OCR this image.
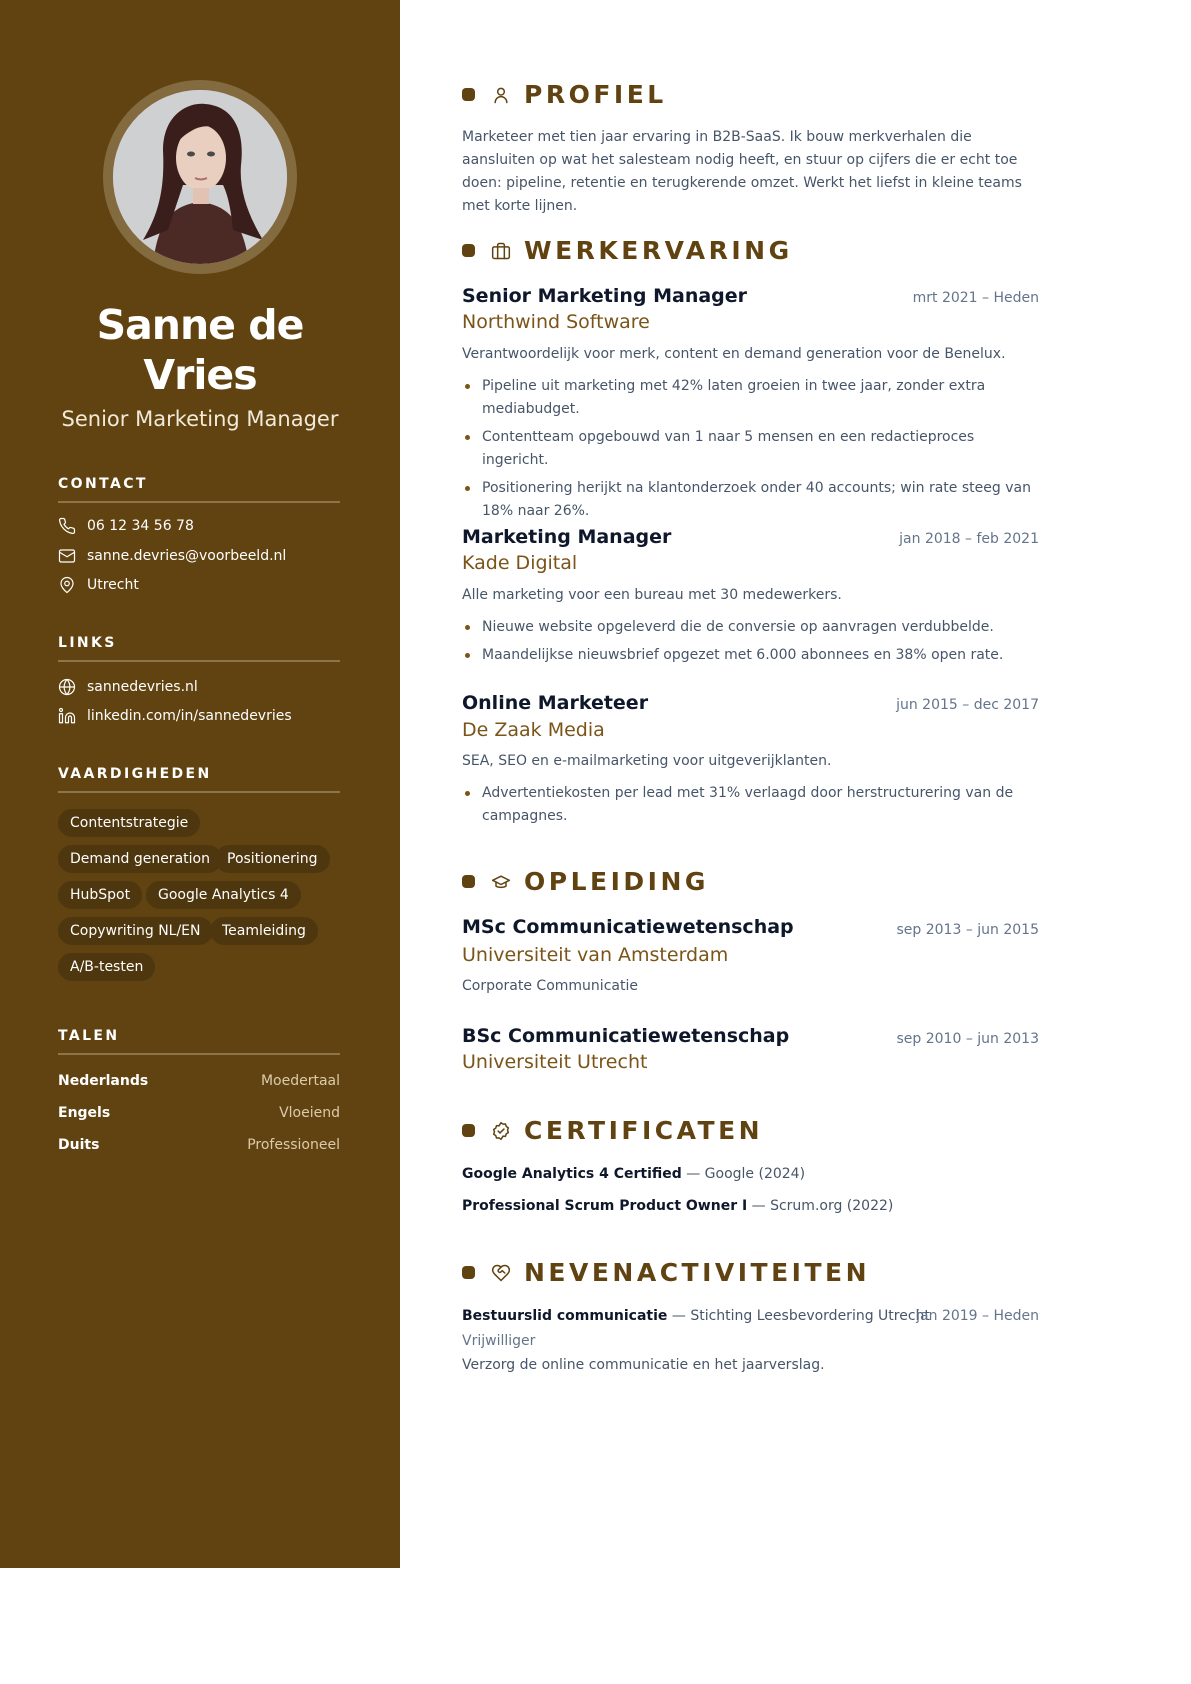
Sanne de
Vries
Senior Marketing Manager
CONTACT
06 12 34 56 78
sanne.devries@voorbeeld.nl
Utrecht
LINKS
sannedevries.nl
linkedin.com/in/sannedevries
VAARDIGHEDEN
Contentstrategie
Demand generation	Positionering
HubSpot	Google Analytics 4
Copywriting NL/EN	Teamleiding
A/B-testen
TALEN
Nederlands	Moedertaal
Engels	Vloeiend
Duits	Professioneel
PROFIEL
Marketeer met tien jaar ervaring in B2B-SaaS. Ik bouw merkverhalen die aansluiten op wat het salesteam nodig heeft, en stuur op cijfers die er echt toe doen: pipeline, retentie en terugkerende omzet. Werkt het liefst in kleine teams met korte lijnen.
WERKERVARING
Senior Marketing Manager	mrt 2021 – Heden
Northwind Software
Verantwoordelijk voor merk, content en demand generation voor de Benelux.
Pipeline uit marketing met 42% laten groeien in twee jaar, zonder extra mediabudget.
Contentteam opgebouwd van 1 naar 5 mensen en een redactieproces ingericht.
Positionering herijkt na klantonderzoek onder 40 accounts; win rate steeg van 18% naar 26%.
Marketing Manager	jan 2018 – feb 2021
Kade Digital
Alle marketing voor een bureau met 30 medewerkers.
Nieuwe website opgeleverd die de conversie op aanvragen verdubbelde.
Maandelijkse nieuwsbrief opgezet met 6.000 abonnees en 38% open rate.
Online Marketeer	jun 2015 – dec 2017
De Zaak Media
SEA, SEO en e-mailmarketing voor uitgeverijklanten.
Advertentiekosten per lead met 31% verlaagd door herstructurering van de campagnes.
OPLEIDING
MSc Communicatiewetenschap	sep 2013 – jun 2015
Universiteit van Amsterdam
Corporate Communicatie
BSc Communicatiewetenschap	sep 2010 – jun 2013
Universiteit Utrecht
CERTIFICATEN
Google Analytics 4 Certified — Google (2024)
Professional Scrum Product Owner I — Scrum.org (2022)
NEVENACTIVITEITEN
Bestuurslid communicatie — Stichting Leesbevordering Utrecht
jan 2019 – Heden
Vrijwilliger
Verzorg de online communicatie en het jaarverslag.
